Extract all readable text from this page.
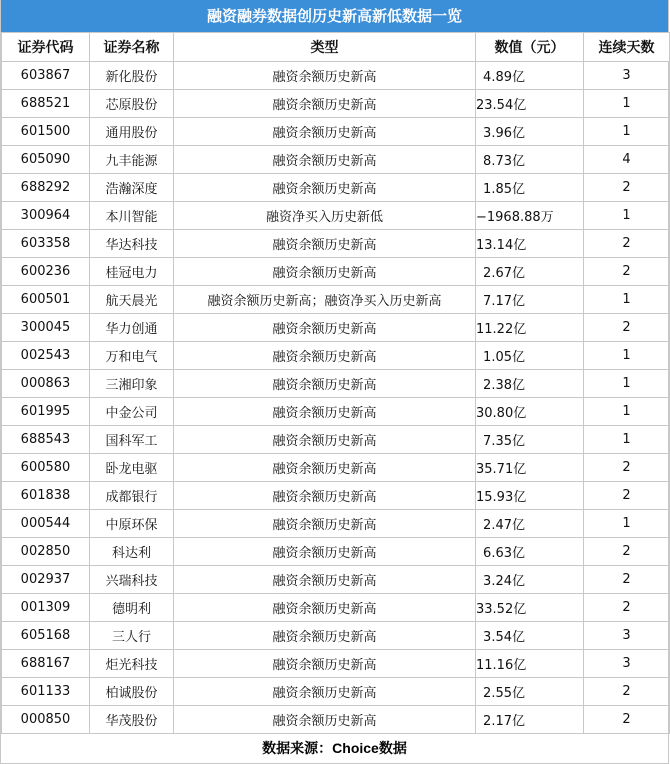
融资融券数据创历史新高新低数据一览
证券代码	证券名称	类型	数值（元）	连续天数
603867	新化股份	融资余额历史新高	4.89亿	3
688521	芯原股份	融资余额历史新高	23.54亿	1
601500	通用股份	融资余额历史新高	3.96亿	1
605090	九丰能源	融资余额历史新高	8.73亿	4
688292	浩瀚深度	融资余额历史新高	1.85亿	2
300964	本川智能	融资净买入历史新低	−1968.88万	1
603358	华达科技	融资余额历史新高	13.14亿	2
600236	桂冠电力	融资余额历史新高	2.67亿	2
600501	航天晨光	融资余额历史新高；融资净买入历史新高	7.17亿	1
300045	华力创通	融资余额历史新高	11.22亿	2
002543	万和电气	融资余额历史新高	1.05亿	1
000863	三湘印象	融资余额历史新高	2.38亿	1
601995	中金公司	融资余额历史新高	30.80亿	1
688543	国科军工	融资余额历史新高	7.35亿	1
600580	卧龙电驱	融资余额历史新高	35.71亿	2
601838	成都银行	融资余额历史新高	15.93亿	2
000544	中原环保	融资余额历史新高	2.47亿	1
002850	科达利	融资余额历史新高	6.63亿	2
002937	兴瑞科技	融资余额历史新高	3.24亿	2
001309	德明利	融资余额历史新高	33.52亿	2
605168	三人行	融资余额历史新高	3.54亿	3
688167	炬光科技	融资余额历史新高	11.16亿	3
601133	柏诚股份	融资余额历史新高	2.55亿	2
000850	华茂股份	融资余额历史新高	2.17亿	2
数据来源：Choice数据
